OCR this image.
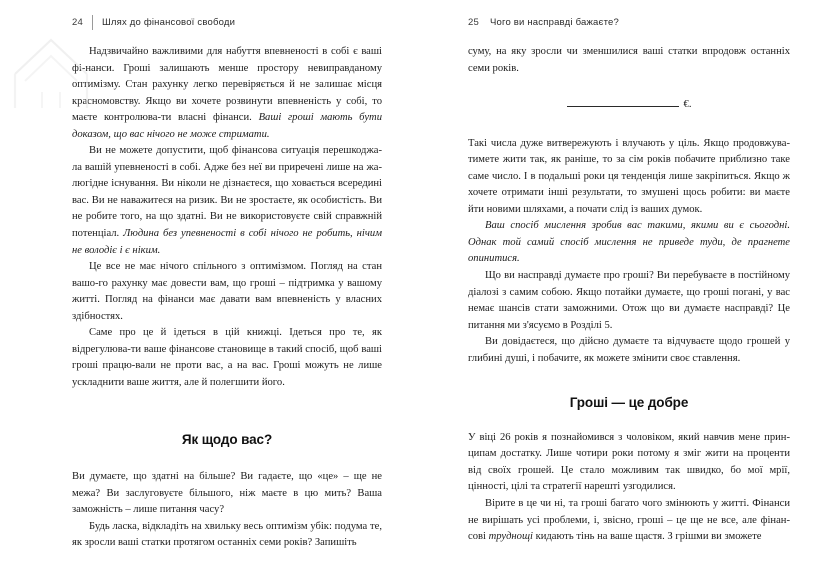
24 Шлях до фінансової свободи

Надзвичайно важливими для набуття впевненості в собі є ваші фі-нанси. Гроші залишають менше простору невиправданому оптимізму. Стан рахунку легко перевіряється й не залишає місця красномовству. Якщо ви хочете розвинути впевненість у собі, то маєте контролюва-ти власні фінанси. Ваші гроші мають бути доказом, що вас нічого не може стримати.

Ви не можете допустити, щоб фінансова ситуація перешкоджа-ла вашій упевненості в собі. Адже без неї ви приречені лише на жа-люгідне існування. Ви ніколи не дізнаєтеся, що ховається всередині вас. Ви не наважитеся на ризик. Ви не зростаєте, як особистість. Ви не робите того, на що здатні. Ви не використовуєте свій справжній потенціал. Людина без упевненості в собі нічого не робить, нічим не володіє і є ніким.

Це все не має нічого спільного з оптимізмом. Погляд на стан вашо-го рахунку має довести вам, що гроші – підтримка у вашому житті. Погляд на фінанси має давати вам впевненість у власних здібностях.

Саме про це й ідеться в цій книжці. Ідеться про те, як відрегулюва-ти ваше фінансове становище в такий спосіб, щоб ваші гроші працю-вали не проти вас, а на вас. Гроші можуть не лише ускладнити ваше життя, але й полегшити його.

Як щодо вас?

Ви думаєте, що здатні на більше? Ви гадаєте, що «це» – ще не межа? Ви заслуговуєте більшого, ніж маєте в цю мить? Ваша заможність – лише питання часу?

Будь ласка, відкладіть на хвильку весь оптимізм убік: подума те, як зросли ваші статки протягом останніх семи років? Запишіть

25 Чого ви насправді бажаєте?

суму, на яку зросли чи зменшилися ваші статки впродовж останніх семи років.

€.

Такі числа дуже витвережують і влучають у ціль. Якщо продовжува-тимете жити так, як раніше, то за сім років побачите приблизно таке саме число. І в подальші роки ця тенденція лише закріпиться. Якщо ж хочете отримати інші результати, то змушені щось робити: ви маєте йти новими шляхами, а почати слід із ваших думок.

Ваш спосіб мислення зробив вас такими, якими ви є сьогодні. Однак той самий спосіб мислення не приведе туди, де прагнете опинитися.

Що ви насправді думаєте про гроші? Ви перебуваєте в постійному діалозі з самим собою. Якщо потайки думаєте, що гроші погані, у вас немає шансів стати заможними. Отож що ви думаєте насправді? Це питання ми з'ясуємо в Розділі 5.

Ви довідаєтеся, що дійсно думаєте та відчуваєте щодо грошей у глибині душі, і побачите, як можете змінити своє ставлення.

Гроші — це добре

У віці 26 років я познайомився з чоловіком, який навчив мене прин-ципам достатку. Лише чотири роки потому я зміг жити на проценти від своїх грошей. Це стало можливим так швидко, бо мої мрії, цінності, цілі та стратегії нарешті узгодилися.

Вірите в це чи ні, та гроші багато чого змінюють у житті. Фінанси не вирішать усі проблеми, і, звісно, гроші – це ще не все, але фінан-сові труднощі кидають тінь на ваше щастя. З грішми ви зможете
